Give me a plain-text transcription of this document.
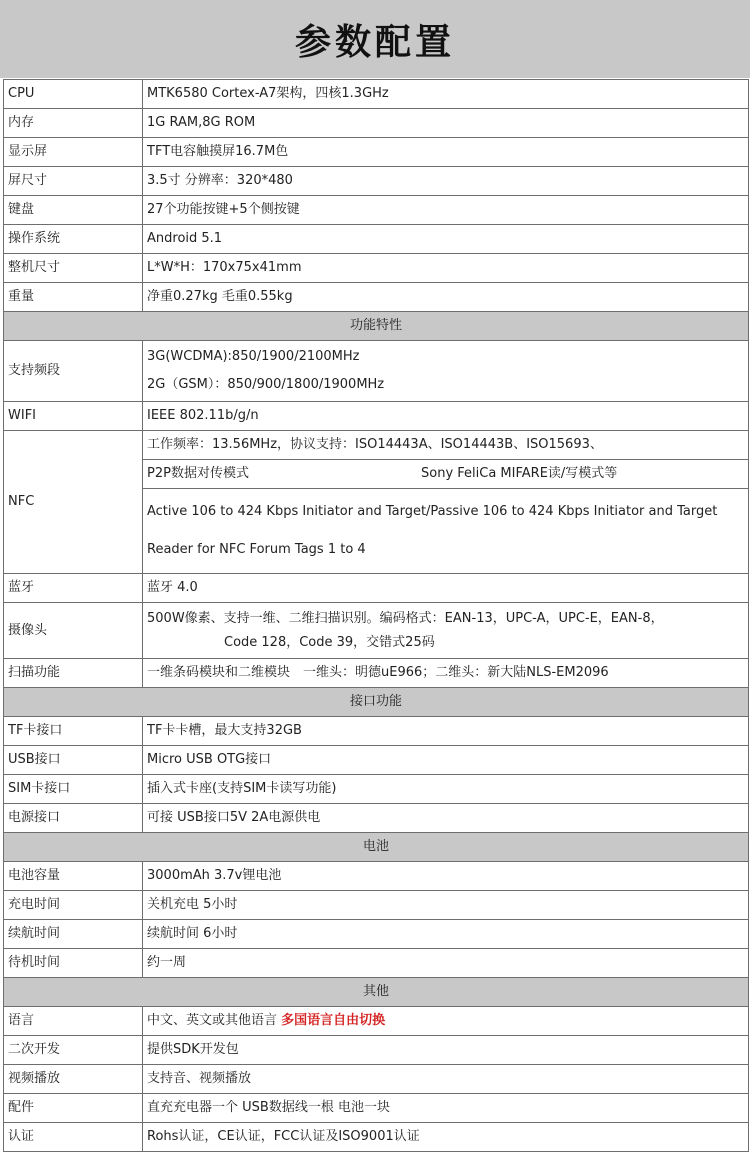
参数配置
CPU	MTK6580 Cortex-A7架构，四核1.3GHz
内存	1G RAM,8G ROM
显示屏	TFT电容触摸屏16.7M色
屏尺寸	3.5寸 分辨率：320*480
键盘	27个功能按键+5个侧按键
操作系统	Android 5.1
整机尺寸	L*W*H：170x75x41mm
重量	净重0.27kg 毛重0.55kg
功能特性	
支持频段	3G(WCDMA):850/1900/2100MHz
2G（GSM）：850/900/1800/1900MHz

WIFI	IEEE 802.11b/g/n
NFC	工作频率：13.56MHz，协议支持：ISO14443A、ISO14443B、ISO15693、
P2P数据对传模式 Sony FeliCa MIFARE读/写模式等
Active 106 to 424 Kbps Initiator and Target/Passive 106 to 424 Kbps Initiator and Target
Reader for NFC Forum Tags 1 to 4

蓝牙	蓝牙 4.0
摄像头	500W像素、支持一维、二维扫描识别。编码格式：EAN-13，UPC-A，UPC-E，EAN-8，
Code 128，Code 39，交错式25码

扫描功能	一维条码模块和二维模块　一维头：明德uE966；二维头：新大陆NLS-EM2096
接口功能	
TF卡接口	TF卡卡槽，最大支持32GB
USB接口	Micro USB OTG接口
SIM卡接口	插入式卡座(支持SIM卡读写功能)
电源接口	可接 USB接口5V 2A电源供电
电池	
电池容量	3000mAh 3.7v锂电池
充电时间	关机充电 5小时
续航时间	续航时间 6小时
待机时间	约一周
其他	
语言	中文、英文或其他语言 多国语言自由切换
二次开发	提供SDK开发包
视频播放	支持音、视频播放
配件	直充充电器一个 USB数据线一根 电池一块
认证	Rohs认证，CE认证，FCC认证及ISO9001认证
